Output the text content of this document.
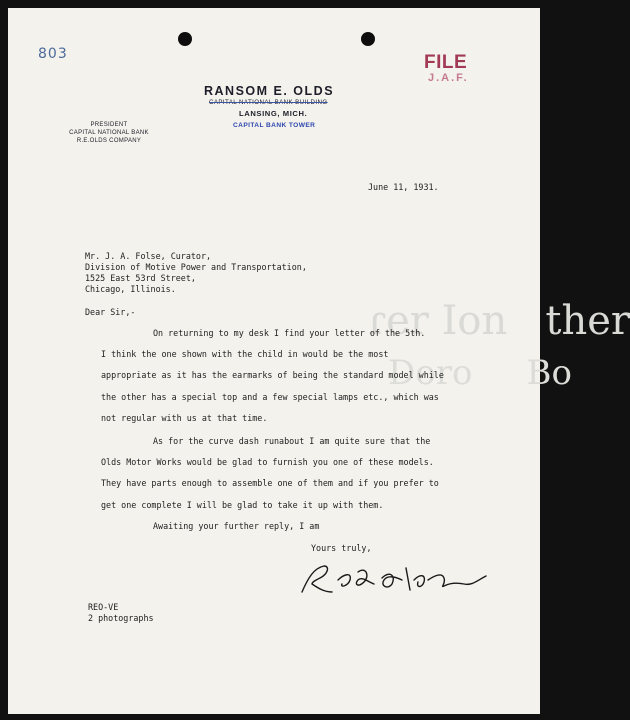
ɾer Ion   ther
Doro     Bo
803	FILE
J.A.F.
RANSOM E. OLDS
CAPITAL NATIONAL BANK BUILDING
LANSING, MICH.
CAPITAL BANK TOWER
PRESIDENT
CAPITAL NATIONAL BANK
R.E.OLDS COMPANY
June 11, 1931.
Mr. J. A. Folse, Curator,
Division of Motive Power and Transportation,
1525 East 53rd Street,
Chicago, Illinois.
Dear Sir,-
On returning to my desk I find your letter of the 5th.
I think the one shown with the child in would be the most
appropriate as it has the earmarks of being the standard model while
the other has a special top and a few special lamps etc., which was
not regular with us at that time.
As for the curve dash runabout I am quite sure that the
Olds Motor Works would be glad to furnish you one of these models.
They have parts enough to assemble one of them and if you prefer to
get one complete I will be glad to take it up with them.
Awaiting your further reply, I am
Yours truly,
REO-VE
2 photographs
